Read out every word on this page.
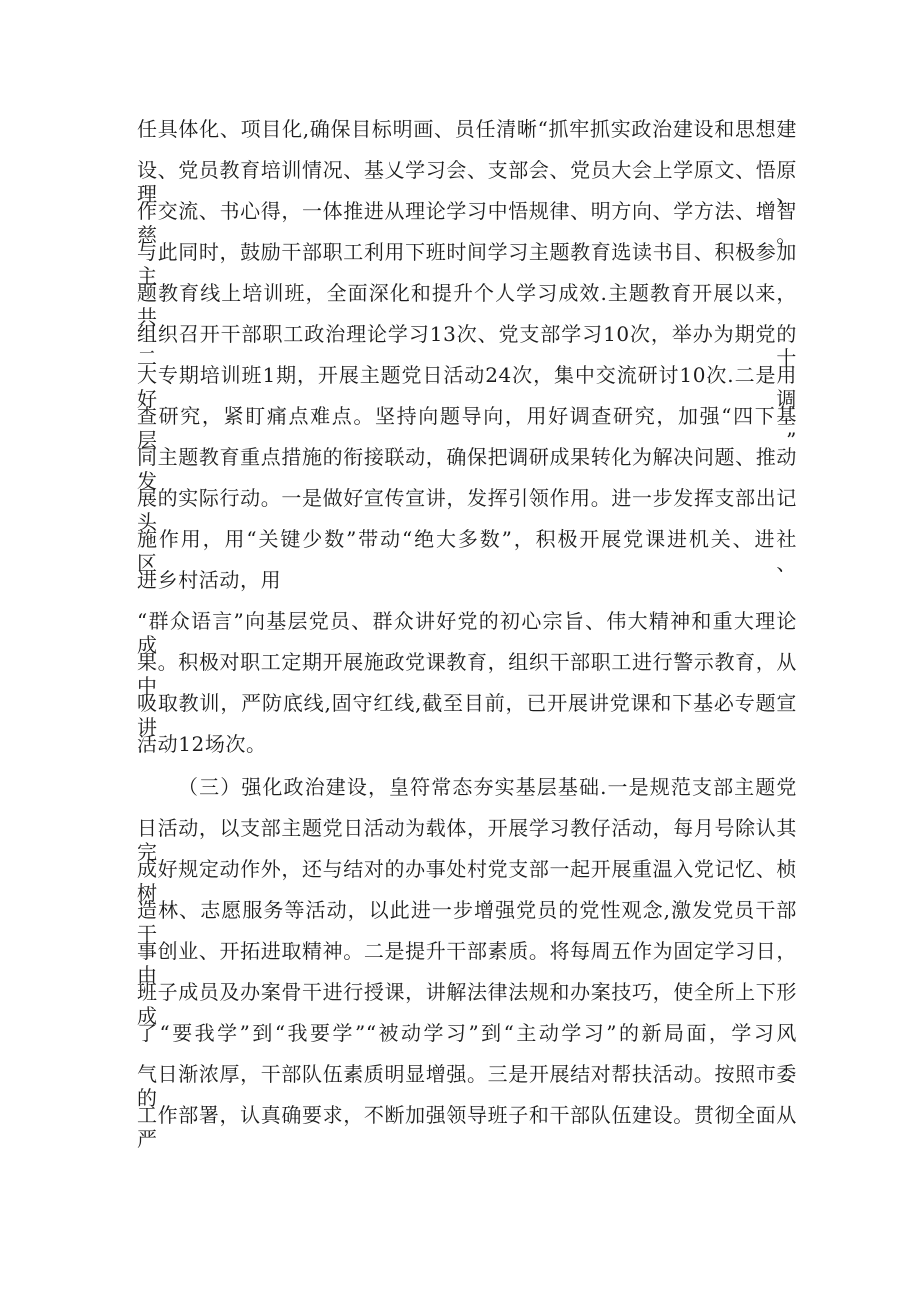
任具体化、项目化,确保目标明画、员任清晰“抓牢抓实政治建设和思想建
设、党员教育培训情况、基乂学习会、支部会、党员大会上学原文、悟原理、
作交流、书心得，一体推进从理论学习中悟规律、明方向、学方法、增智慈。
与此同时，鼓励干部职工利用下班时间学习主题教育选读书目、积极参加主
题教育线上培训班，全面深化和提升个人学习成效.主题教育开展以来，共
组织召开干部职工政治理论学习13次、党支部学习10次，举办为期党的二十
大专期培训班1期，开展主题党日活动24次，集中交流研讨10次.二是用好调
查研究，紧盯痛点难点。坚持向题导向，用好调查研究，加强“四下基层”
同主题教育重点措施的衔接联动，确保把调研成果转化为解决问题、推动发
展的实际行动。一是做好宣传宣讲，发挥引领作用。进一步发挥支部出记头
施作用，用“关键少数”带动“绝大多数”，积极开展党课进机关、进社区、
进乡村活动，用
“群众语言”向基层党员、群众讲好党的初心宗旨、伟大精神和重大理论成
果。积极对职工定期开展施政党课教育，组织干部职工进行警示教育，从中
吸取教训，严防底线,固守红线,截至目前，已开展讲党课和下基必专题宣讲
活动12场次。
（三）强化政治建设，皇符常态夯实基层基础.一是规范支部主题党
日活动，以支部主题党日活动为载体，开展学习教仔活动，每月号除认其完
成好规定动作外，还与结对的办事处村党支部一起开展重温入党记忆、桢树
造林、志愿服务等活动，以此进一步增强党员的党性观念,激发党员干部干
事创业、开拓进取精神。二是提升干部素质。将每周五作为固定学习日，由
班子成员及办案骨干进行授课，讲解法律法规和办案技巧，使全所上下形成
了“要我学”到“我要学”“被动学习”到“主动学习”的新局面，学习风
气日渐浓厚，干部队伍素质明显增强。三是开展结对帮扶活动。按照市委的
工作部署，认真确要求，不断加强领导班子和干部队伍建设。贯彻全面从严
